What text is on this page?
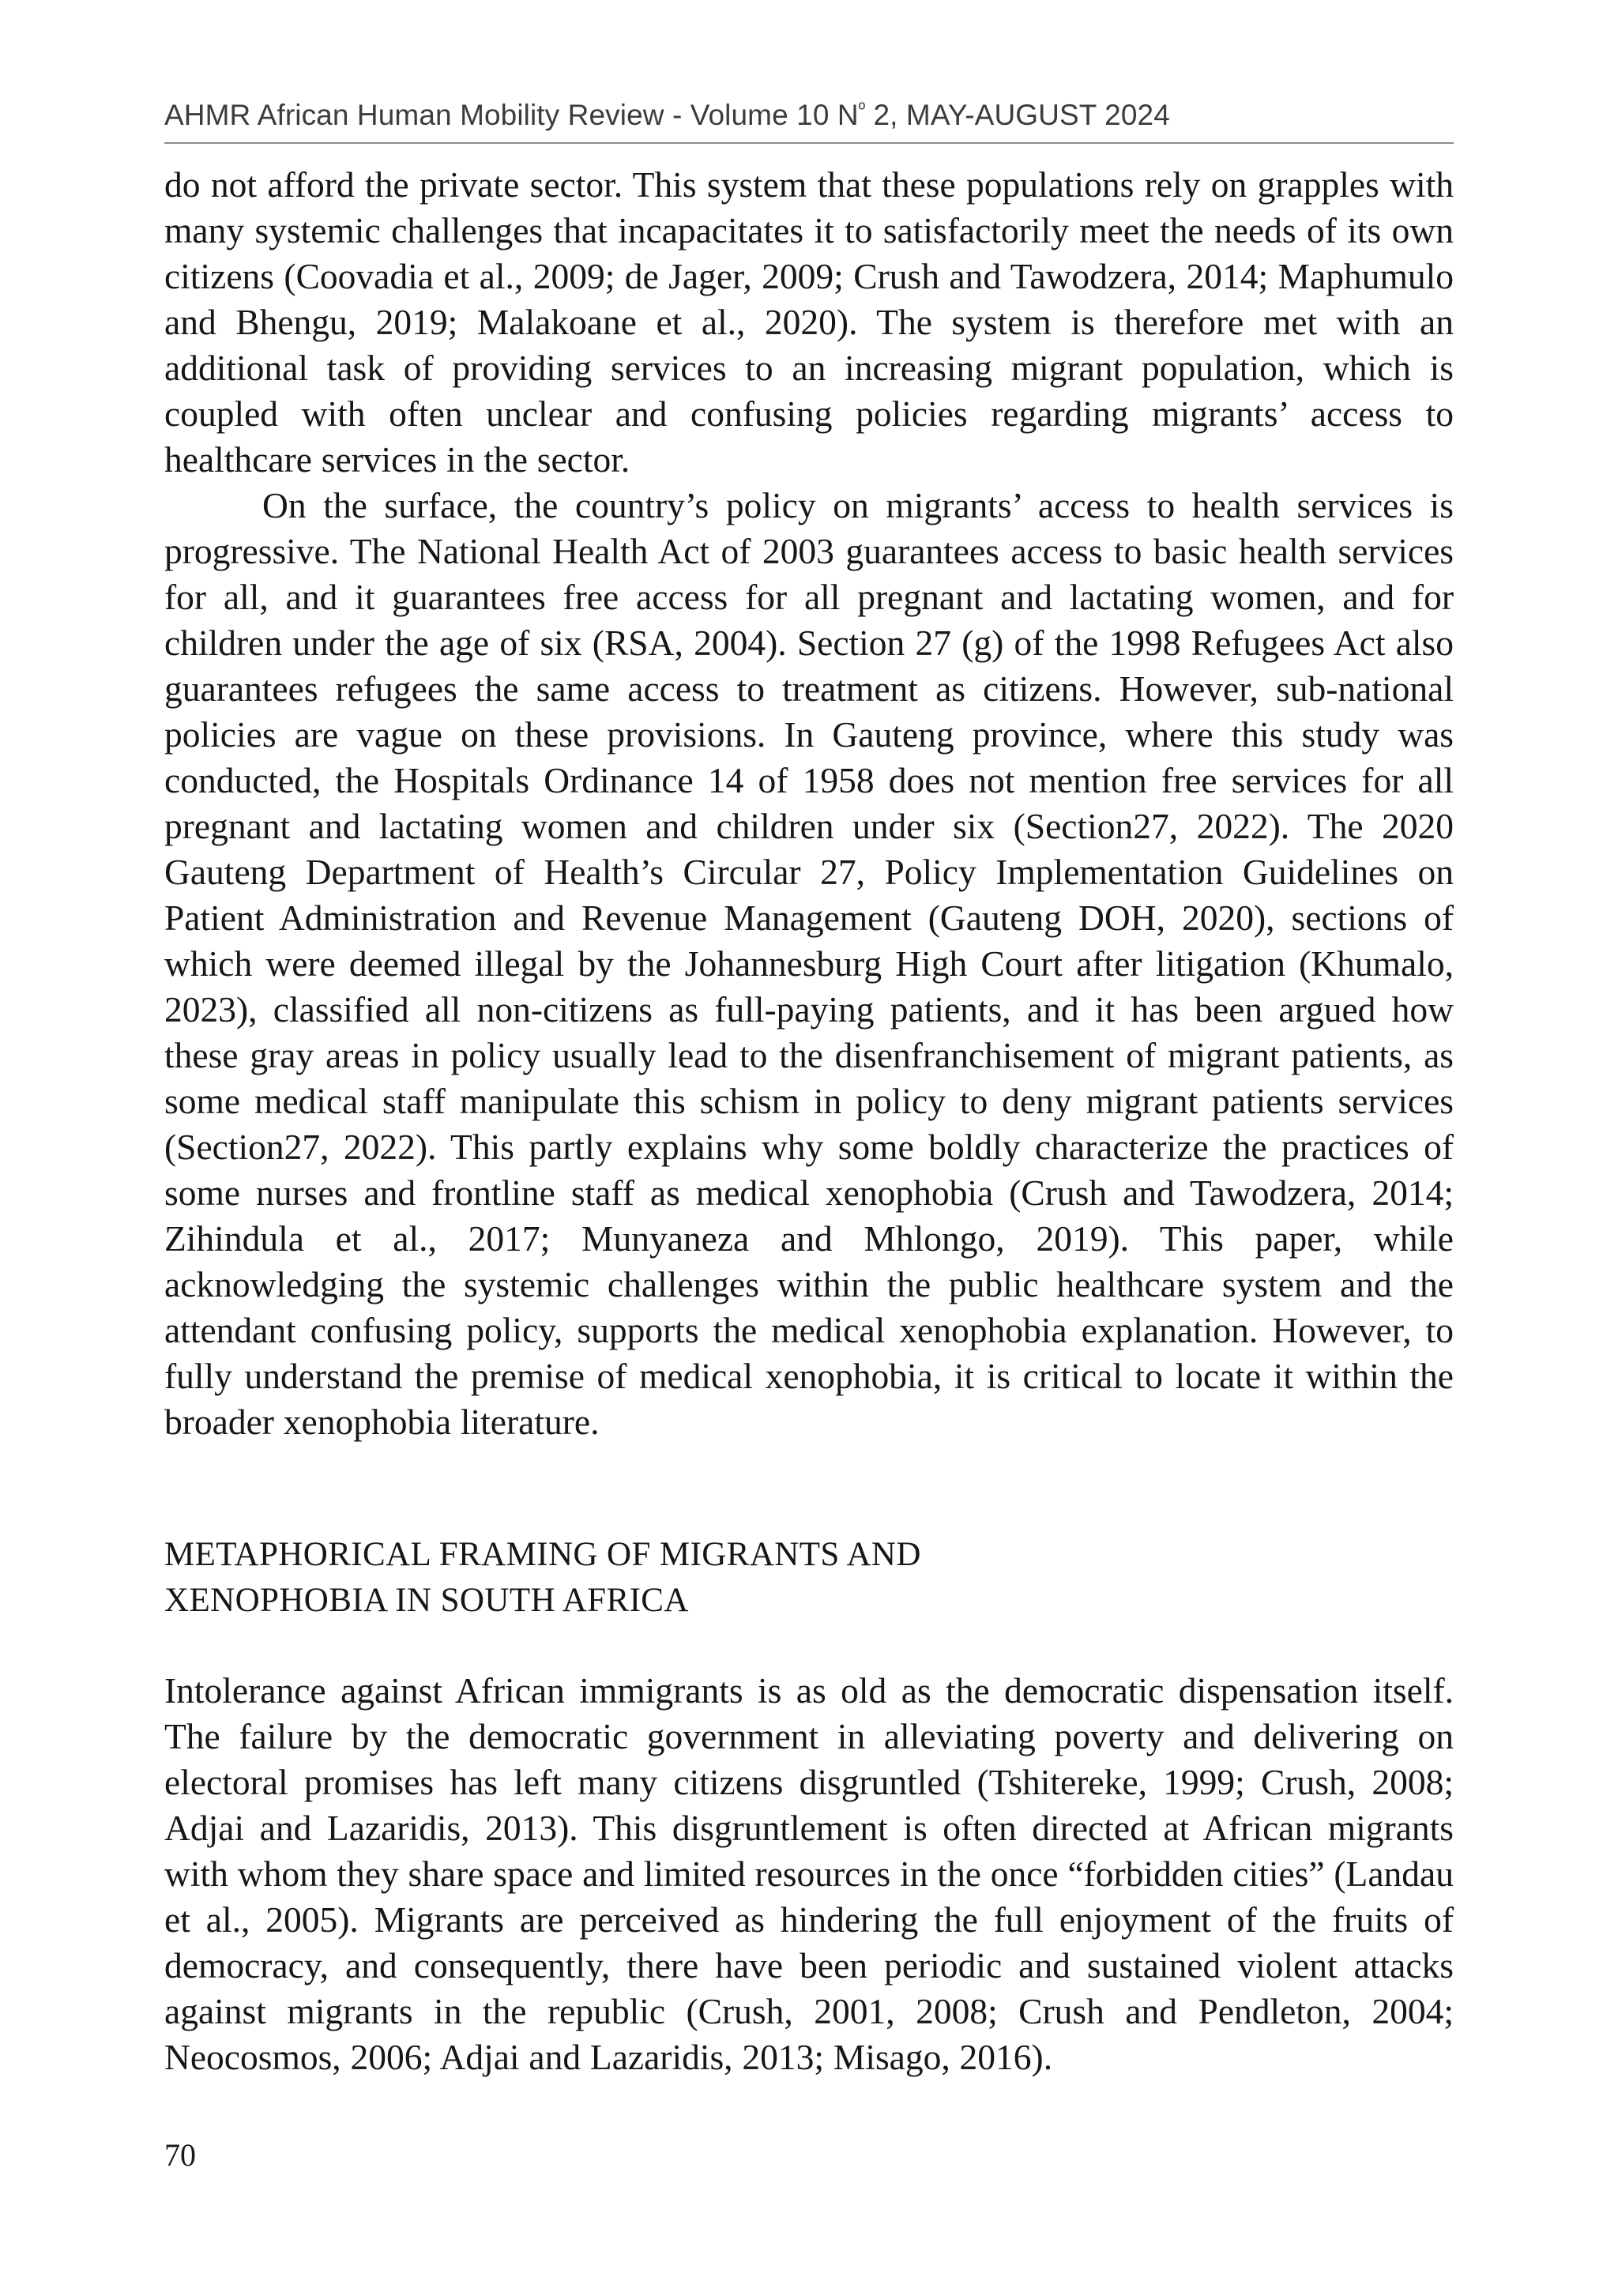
AHMR African Human Mobility Review - Volume 10 $N^º$ 2, MAY-AUGUST 2024

do not afford the private sector. This system that these populations rely on grapples with many systemic challenges that incapacitates it to satisfactorily meet the needs of its own citizens (Coovadia et al., 2009; de Jager, 2009; Crush and Tawodzera, 2014; Maphumulo and Bhengu, 2019; Malakoane et al., 2020). The system is therefore met with an additional task of providing services to an increasing migrant population, which is coupled with often unclear and confusing policies regarding migrants’ access to healthcare services in the sector.

On the surface, the country’s policy on migrants’ access to health services is progressive. The National Health Act of 2003 guarantees access to basic health services for all, and it guarantees free access for all pregnant and lactating women, and for children under the age of six (RSA, 2004). Section 27 (g) of the 1998 Refugees Act also guarantees refugees the same access to treatment as citizens. However, sub-national policies are vague on these provisions. In Gauteng province, where this study was conducted, the Hospitals Ordinance 14 of 1958 does not mention free services for all pregnant and lactating women and children under six (Section27, 2022). The 2020 Gauteng Department of Health’s Circular 27, Policy Implementation Guidelines on Patient Administration and Revenue Management (Gauteng DOH, 2020), sections of which were deemed illegal by the Johannesburg High Court after litigation (Khumalo, 2023), classified all non-citizens as full-paying patients, and it has been argued how these gray areas in policy usually lead to the disenfranchisement of migrant patients, as some medical staff manipulate this schism in policy to deny migrant patients services (Section27, 2022). This partly explains why some boldly characterize the practices of some nurses and frontline staff as medical xenophobia (Crush and Tawodzera, 2014; Zihindula et al., 2017; Munyaneza and Mhlongo, 2019). This paper, while acknowledging the systemic challenges within the public healthcare system and the attendant confusing policy, supports the medical xenophobia explanation. However, to fully understand the premise of medical xenophobia, it is critical to locate it within the broader xenophobia literature.

METAPHORICAL FRAMING OF MIGRANTS AND
XENOPHOBIA IN SOUTH AFRICA

Intolerance against African immigrants is as old as the democratic dispensation itself. The failure by the democratic government in alleviating poverty and delivering on electoral promises has left many citizens disgruntled (Tshitereke, 1999; Crush, 2008; Adjai and Lazaridis, 2013). This disgruntlement is often directed at African migrants with whom they share space and limited resources in the once “forbidden cities” (Landau et al., 2005). Migrants are perceived as hindering the full enjoyment of the fruits of democracy, and consequently, there have been periodic and sustained violent attacks against migrants in the republic (Crush, 2001, 2008; Crush and Pendleton, 2004; Neocosmos, 2006; Adjai and Lazaridis, 2013; Misago, 2016).

70
